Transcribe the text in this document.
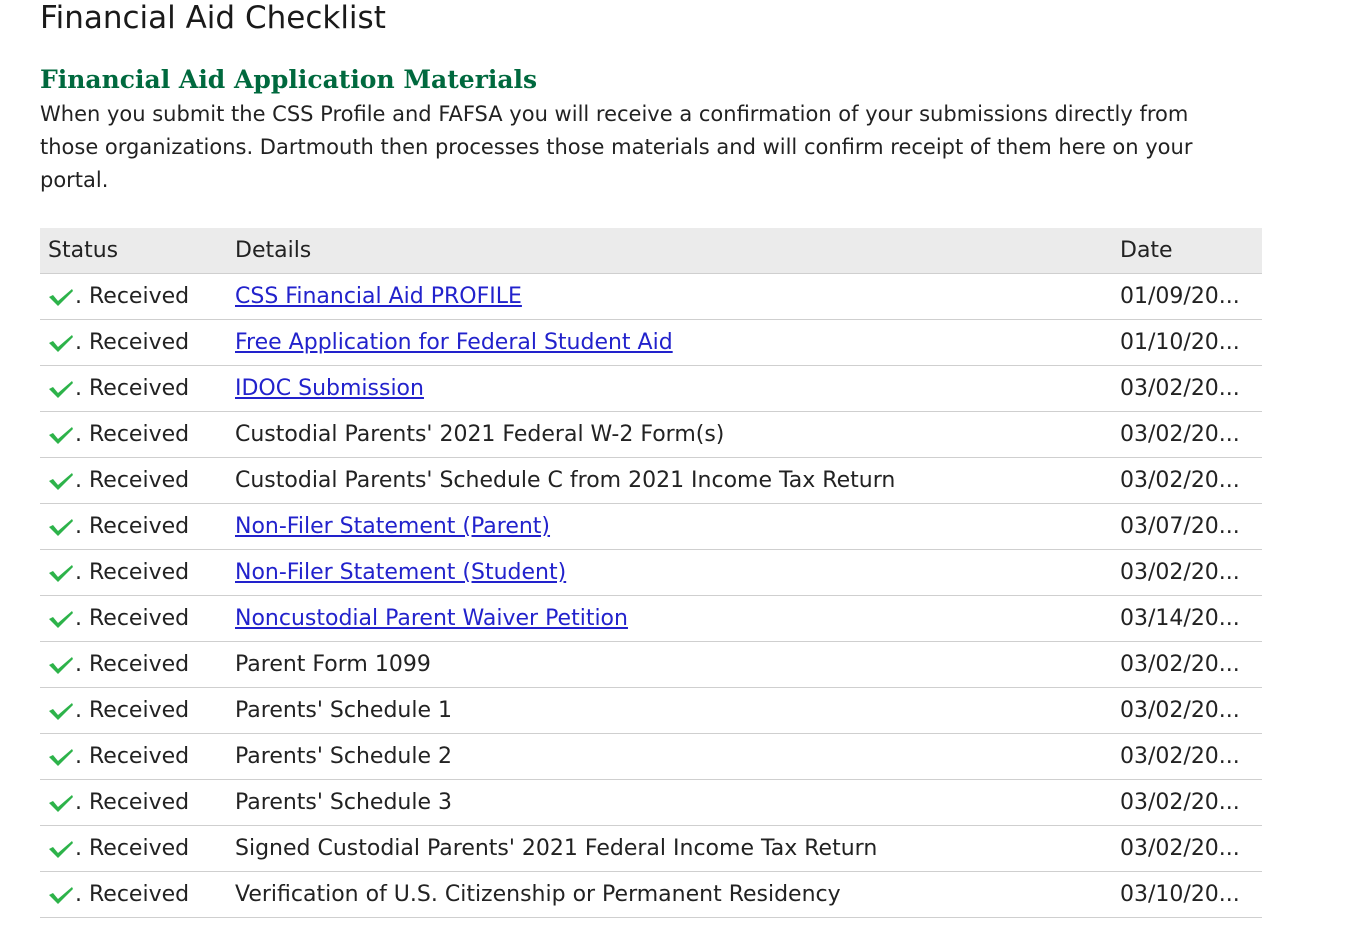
Financial Aid Checklist
Financial Aid Application Materials

When you submit the CSS Profile and FAFSA you will receive a confirmation of your submissions directly from those organizations. Dartmouth then processes those materials and will confirm receipt of them here on your portal.

Status	Details	Date

. Received	CSS Financial Aid PROFILE	01/09/20...

. Received	Free Application for Federal Student Aid	01/10/20...

. Received	IDOC Submission	03/02/20...

. Received	Custodial Parents' 2021 Federal W-2 Form(s)	03/02/20...

. Received	Custodial Parents' Schedule C from 2021 Income Tax Return	03/02/20...

. Received	Non-Filer Statement (Parent)	03/07/20...

. Received	Non-Filer Statement (Student)	03/02/20...

. Received	Noncustodial Parent Waiver Petition	03/14/20...

. Received	Parent Form 1099	03/02/20...

. Received	Parents' Schedule 1	03/02/20...

. Received	Parents' Schedule 2	03/02/20...

. Received	Parents' Schedule 3	03/02/20...

. Received	Signed Custodial Parents' 2021 Federal Income Tax Return	03/02/20...

. Received	Verification of U.S. Citizenship or Permanent Residency	03/10/20...
